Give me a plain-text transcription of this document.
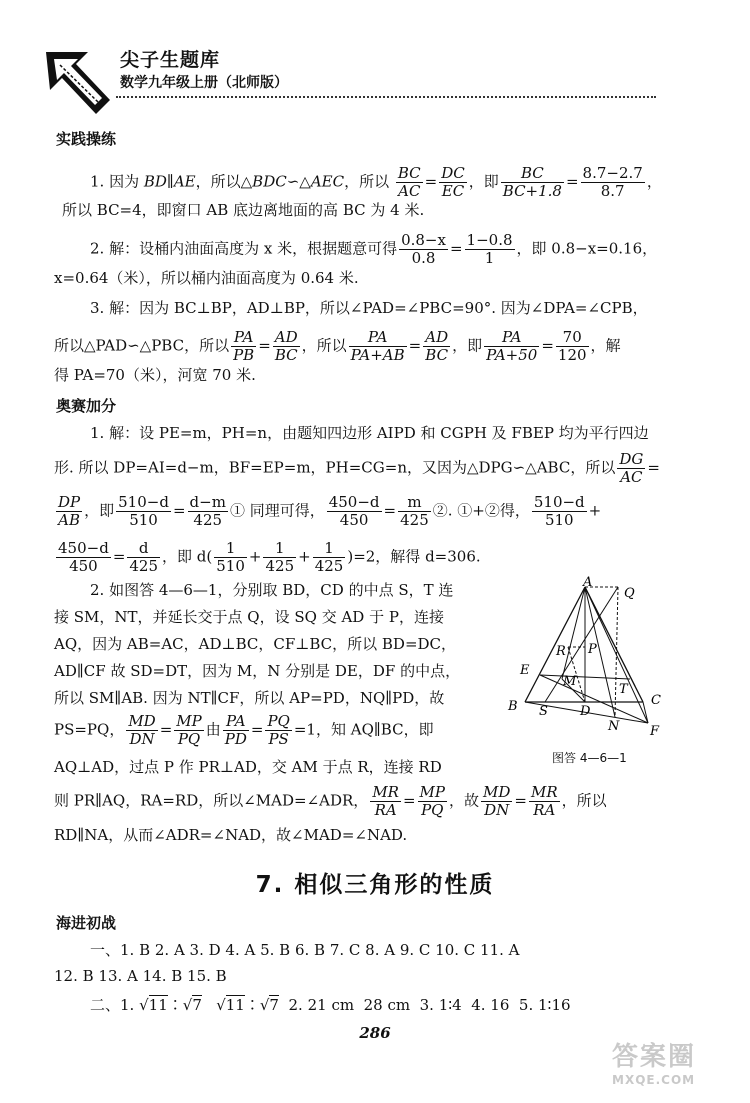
尖子生题库
数学九年级上册（北师版）
实践操练
1. 因为 BD∥AE，所以△BDC∽△AEC，所以 $\frac{BC}{AC} = \frac{DC}{EC}$ ，即 $\frac{BC}{BC+1.8} = \frac{8.7-2.7}{8.7}$ ，
所以 BC=4，即窗口 AB 底边离地面的高 BC 为 4 米.
2. 解：设桶内油面高度为 x 米，根据题意可得 $\frac{0.8-x}{0.8} = \frac{1-0.8}{1}$ ，即 0.8−x=0.16，
x=0.64（米），所以桶内油面高度为 0.64 米.
3. 解：因为 BC⊥BP，AD⊥BP，所以∠PAD=∠PBC=90°. 因为∠DPA=∠CPB，
所以△PAD∽△PBC，所以 $\frac{PA}{PB} = \frac{AD}{BC}$ ，所以 $\frac{PA}{PA+AB} = \frac{AD}{BC}$ ，即 $\frac{PA}{PA+50} = \frac{70}{120}$ ，解
得 PA=70（米），河宽 70 米.
奥赛加分
1. 解：设 PE=m，PH=n，由题知四边形 AIPD 和 CGPH 及 FBEP 均为平行四边
形. 所以 DP=AI=d−m，BF=EP=m，PH=CG=n，又因为△DPG∽△ABC，所以 $\frac{DG}{AC}$ =
$\frac{DP}{AB}$ ，即 $\frac{510-d}{510} = \frac{d-m}{425}$ ① 同理可得， $\frac{450-d}{450} = \frac{m}{425}$ ②. ①+②得， $\frac{510-d}{510}$ +
$\frac{450-d}{450} = \frac{d}{425}$ ，即 $d( \frac{1}{510} + \frac{1}{425} + \frac{1}{425} )=2$，解得 d=306.
2. 如图答 4—6—1，分别取 BD，CD 的中点 S，T 连
接 SM，NT，并延长交于点 Q，设 SQ 交 AD 于 P，连接
AQ，因为 AB=AC，AD⊥BC，CF⊥BC，所以 BD=DC，
AD∥CF 故 SD=DT，因为 M，N 分别是 DE，DF 的中点，
所以 SM∥AB. 因为 NT∥CF，所以 AP=PD，NQ∥PD，故
PS=PQ， $\frac{MD}{DN} = \frac{MP}{PQ}$ 由 $\frac{PA}{PD} = \frac{PQ}{PS} =1$，知 AQ∥BC，即
AQ⊥AD，过点 P 作 PR⊥AD，交 AM 于点 R，连接 RD
则 PR∥AQ，RA=RD，所以∠MAD=∠ADR， $\frac{MR}{RA} = \frac{MP}{PQ}$ ，故 $\frac{MD}{DN} = \frac{MR}{RA}$ ，所以
RD∥NA，从而∠ADR=∠NAD，故∠MAD=∠NAD.
A
Q
R P
E
M
T
C
B S D
N F
图答 4—6—1
7. 相似三角形的性质
海进初战
一、1. B 2. A 3. D 4. A 5. B 6. B 7. C 8. A 9. C 10. C 11. A
12. B 13. A 14. B 15. B
二、1. √11∶√7 √11∶√7  2. 21 cm  28 cm  3. 1∶4  4. 16  5. 1∶16
286
答案圈
MXQE.COM
